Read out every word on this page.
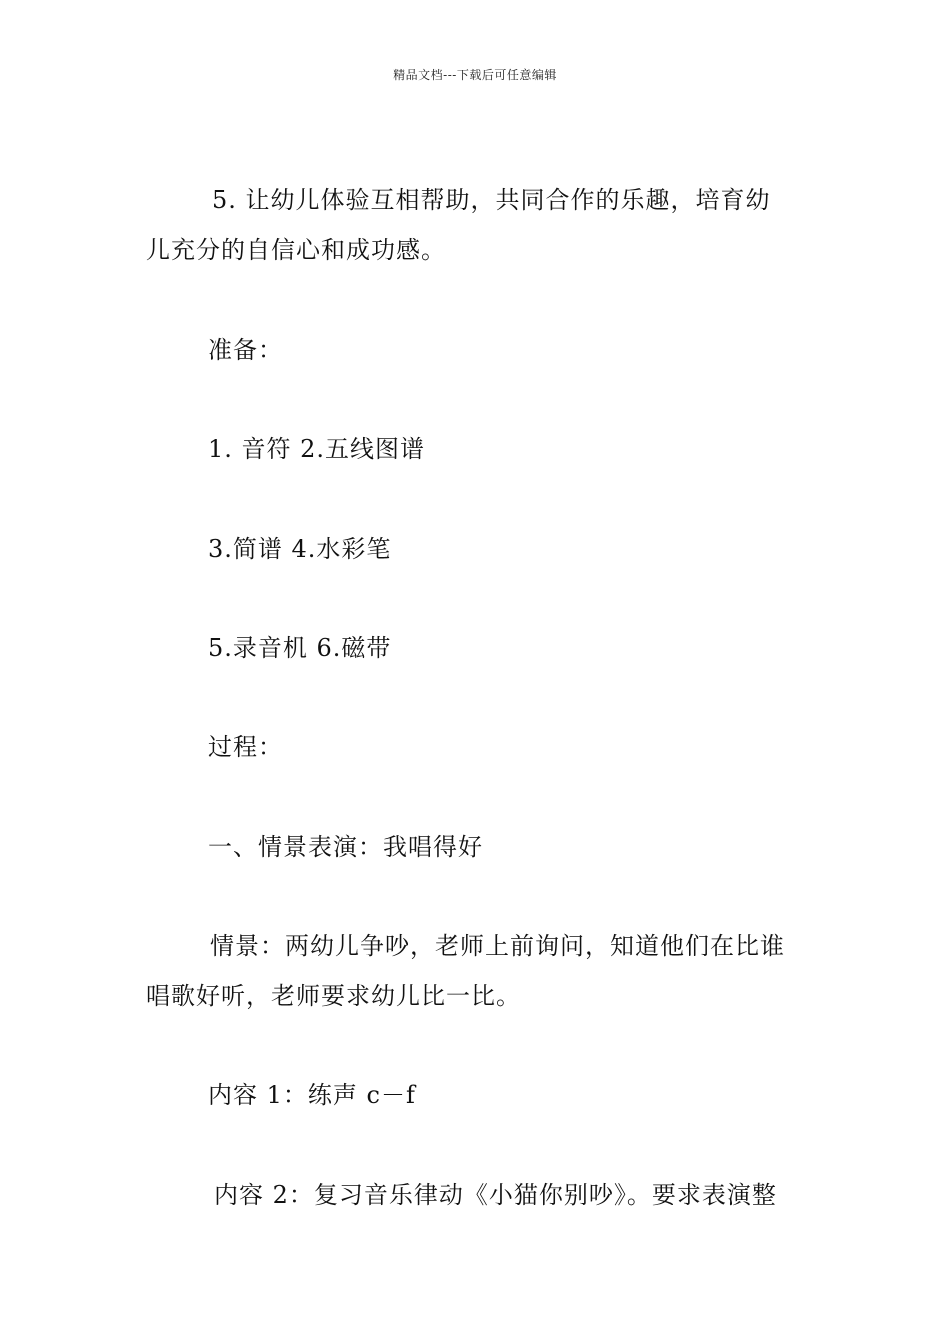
精品文档---下载后可任意编辑
5. 让幼儿体验互相帮助，共同合作的乐趣，培育幼
儿充分的自信心和成功感。
准备：
1. 音符 2.五线图谱
3.简谱 4.水彩笔
5.录音机 6.磁带
过程：
一、情景表演：我唱得好
情景：两幼儿争吵，老师上前询问，知道他们在比谁
唱歌好听，老师要求幼儿比一比。
内容 1：练声 c－f
内容 2：复习音乐律动《小猫你别吵》。要求表演整
